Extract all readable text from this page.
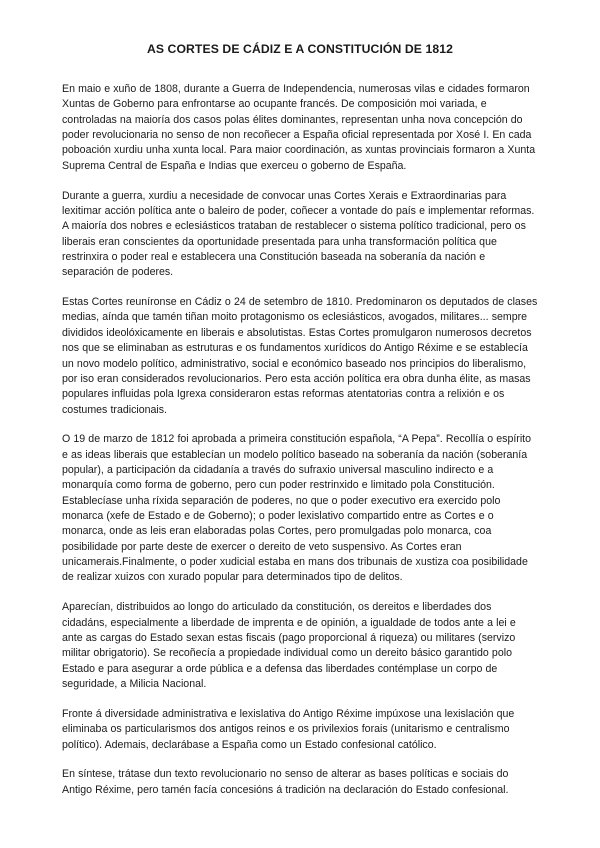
AS CORTES DE CÁDIZ E A CONSTITUCIÓN DE 1812

En maio e xuño de 1808, durante a Guerra de Independencia, numerosas vilas e cidades formaron Xuntas de Goberno para enfrontarse ao ocupante francés. De composición moi variada, e controladas na maioría dos casos polas élites dominantes, representan unha nova concepción do poder revolucionaria no senso de non recoñecer a España oficial representada por Xosé I. En cada poboación xurdiu unha xunta local. Para maior coordinación, as xuntas provinciais formaron a Xunta Suprema Central de España e Indias que exerceu o goberno de España.

Durante a guerra, xurdiu a necesidade de convocar unas Cortes Xerais e Extraordinarias para lexitimar acción política ante o baleiro de poder, coñecer a vontade do país e implementar reformas. A maioría dos nobres e eclesiásticos trataban de restablecer o sistema político tradicional, pero os liberais eran conscientes da oportunidade presentada para unha transformación política que restrinxira o poder real e establecera una Constitución baseada na soberanía da nación e separación de poderes.

Estas Cortes reuníronse en Cádiz o 24 de setembro de 1810. Predominaron os deputados de clases medias, aínda que tamén tiñan moito protagonismo os eclesiásticos, avogados, militares... sempre divididos ideolóxicamente en liberais e absolutistas. Estas Cortes promulgaron numerosos decretos nos que se eliminaban as estruturas e os fundamentos xurídicos do Antigo Réxime e se establecía un novo modelo político, administrativo, social e económico baseado nos principios do liberalismo, por iso eran considerados revolucionarios. Pero esta acción política era obra dunha élite, as masas populares influidas pola Igrexa consideraron estas reformas atentatorias contra a relixión e os costumes tradicionais.

O 19 de marzo de 1812 foi aprobada a primeira constitución española, “A Pepa”. Recollía o espírito e as ideas liberais que establecían un modelo político baseado na soberanía da nación (soberanía popular), a participación da cidadanía a través do sufraxio universal masculino indirecto e a monarquía como forma de goberno, pero cun poder restrinxido e limitado pola Constitución. Establecíase unha ríxida separación de poderes, no que o poder executivo era exercido polo monarca (xefe de Estado e de Goberno); o poder lexislativo compartido entre as Cortes e o monarca, onde as leis eran elaboradas polas Cortes, pero promulgadas polo monarca, coa posibilidade por parte deste de exercer o dereito de veto suspensivo. As Cortes eran unicamerais.Finalmente, o poder xudicial estaba en mans dos tribunais de xustiza coa posibilidade de realizar xuizos con xurado popular para determinados tipo de delitos.

Aparecían, distribuidos ao longo do articulado da constitución, os dereitos e liberdades dos cidadáns, especialmente a liberdade de imprenta e de opinión, a igualdade de todos ante a lei e ante as cargas do Estado sexan estas fiscais (pago proporcional á riqueza) ou militares (servizo militar obrigatorio). Se recoñecía a propiedade individual como un dereito básico garantido polo Estado e para asegurar a orde pública e a defensa das liberdades contémplase un corpo de seguridade, a Milicia Nacional.

Fronte á diversidade administrativa e lexislativa do Antigo Réxime impúxose una lexislación que eliminaba os particularismos dos antigos reinos e os privilexios forais (unitarismo e centralismo político). Ademais, declarábase a España como un Estado confesional católico.

En síntese, trátase dun texto revolucionario no senso de alterar as bases políticas e sociais do Antigo Réxime, pero tamén facía concesións á tradición na declaración do Estado confesional.
